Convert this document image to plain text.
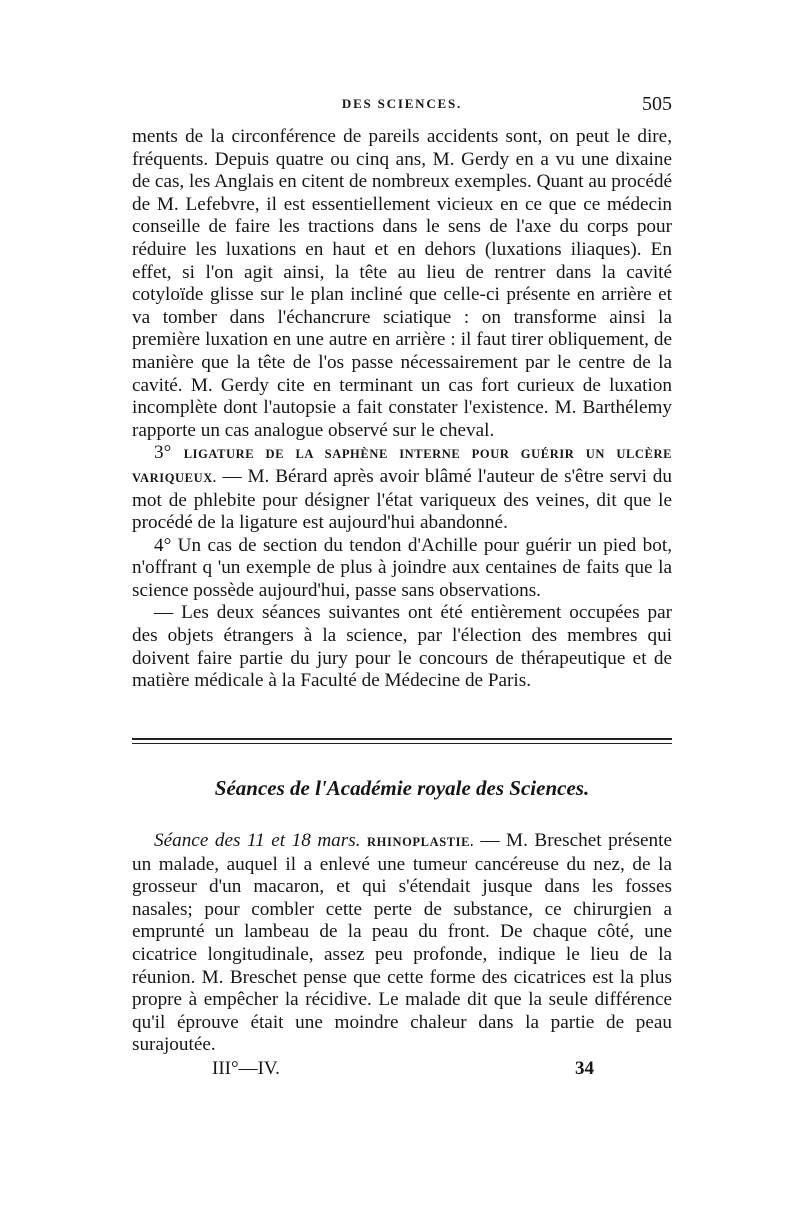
DES SCIENCES.	505

ments de la circonférence de pareils accidents sont, on peut le dire, fréquents. Depuis quatre ou cinq ans, M. Gerdy en a vu une dixaine de cas, les Anglais en citent de nombreux exemples. Quant au procédé de M. Lefebvre, il est essentiellement vicieux en ce que ce médecin conseille de faire les tractions dans le sens de l'axe du corps pour réduire les luxations en haut et en dehors (luxations iliaques). En effet, si l'on agit ainsi, la tête au lieu de rentrer dans la cavité cotyloïde glisse sur le plan incliné que celle-ci présente en arrière et va tomber dans l'échancrure sciatique : on transforme ainsi la première luxation en une autre en arrière : il faut tirer obliquement, de manière que la tête de l'os passe nécessairement par le centre de la cavité. M. Gerdy cite en terminant un cas fort curieux de luxation incomplète dont l'autopsie a fait constater l'existence. M. Barthélemy rapporte un cas analogue observé sur le cheval.

3° LIGATURE DE LA SAPHÈNE INTERNE POUR GUÉRIR UN ULCÈRE VARIQUEUX. — M. Bérard après avoir blâmé l'auteur de s'être servi du mot de phlebite pour désigner l'état variqueux des veines, dit que le procédé de la ligature est aujourd'hui abandonné.

4° Un cas de section du tendon d'Achille pour guérir un pied bot, n'offrant q 'un exemple de plus à joindre aux centaines de faits que la science possède aujourd'hui, passe sans observations.

— Les deux séances suivantes ont été entièrement occupées par des objets étrangers à la science, par l'élection des membres qui doivent faire partie du jury pour le concours de thérapeutique et de matière médicale à la Faculté de Médecine de Paris.

Séances de l'Académie royale des Sciences.

Séance des 11 et 18 mars. RHINOPLASTIE. — M. Breschet présente un malade, auquel il a enlevé une tumeur cancéreuse du nez, de la grosseur d'un macaron, et qui s'étendait jusque dans les fosses nasales; pour combler cette perte de substance, ce chirurgien a emprunté un lambeau de la peau du front. De chaque côté, une cicatrice longitudinale, assez peu profonde, indique le lieu de la réunion. M. Breschet pense que cette forme des cicatrices est la plus propre à empêcher la récidive. Le malade dit que la seule différence qu'il éprouve était une moindre chaleur dans la partie de peau surajoutée.

III°—IV.	34
